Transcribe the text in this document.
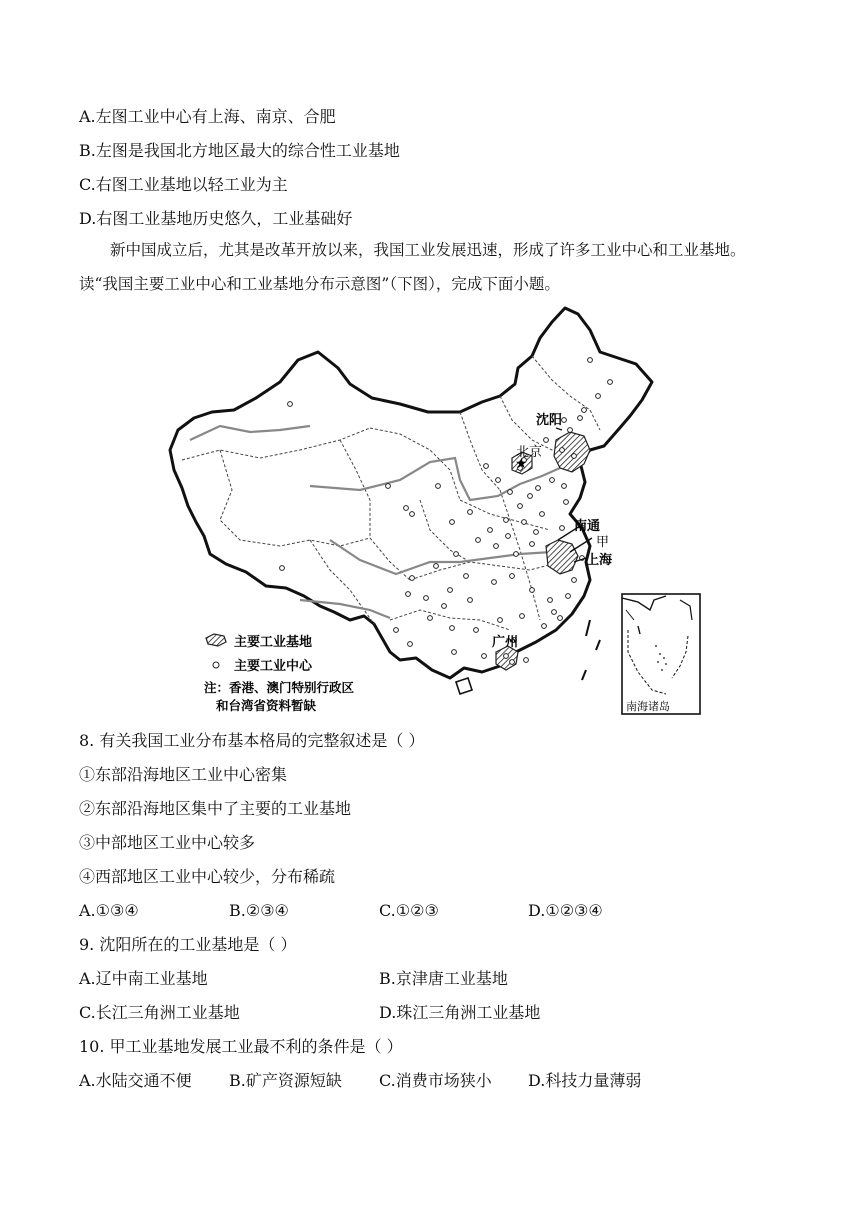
A.左图工业中心有上海、南京、合肥
B.左图是我国北方地区最大的综合性工业基地
C.右图工业基地以轻工业为主
D.右图工业基地历史悠久，工业基础好
新中国成立后，尤其是改革开放以来，我国工业发展迅速，形成了许多工业中心和工业基地。读“我国主要工业中心和工业基地分布示意图”（下图），完成下面小题。
★
沈阳
北京
南通
甲
上海
广州
南海诸岛
主要工业基地
主要工业中心
注：香港、澳门特别行政区
和台湾省资料暂缺
8. 有关我国工业分布基本格局的完整叙述是（ ）
①东部沿海地区工业中心密集
②东部沿海地区集中了主要的工业基地
③中部地区工业中心较多
④西部地区工业中心较少，分布稀疏
A.①③④	B.②③④	C.①②③	D.①②③④
9. 沈阳所在的工业基地是（ ）
A.辽中南工业基地	B.京津唐工业基地
C.长江三角洲工业基地	D.珠江三角洲工业基地
10. 甲工业基地发展工业最不利的条件是（ ）
A.水陆交通不便 B.矿产资源短缺 C.消费市场狭小 D.科技力量薄弱
